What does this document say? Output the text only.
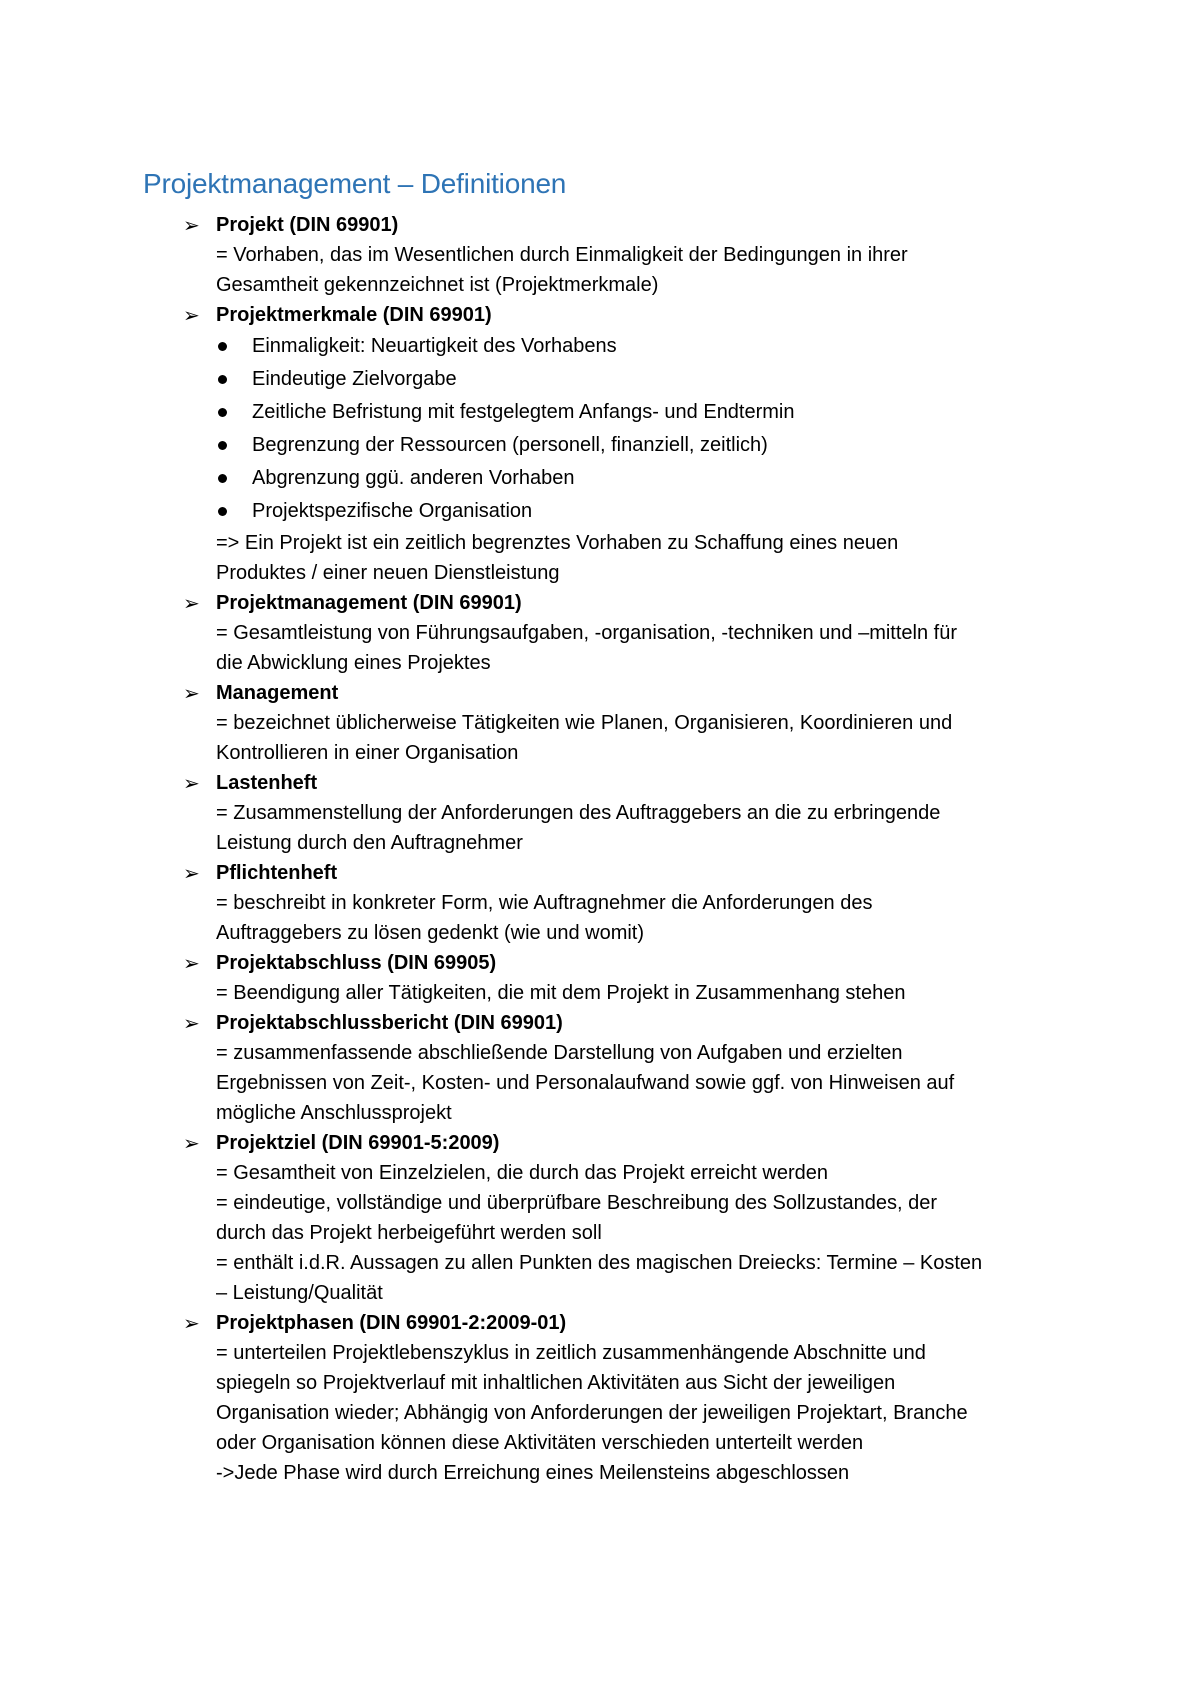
Projektmanagement – Definitionen
➢ Projekt (DIN 69901)
= Vorhaben, das im Wesentlichen durch Einmaligkeit der Bedingungen in ihrer
Gesamtheit gekennzeichnet ist (Projektmerkmale)
➢ Projektmerkmale (DIN 69901)
Einmaligkeit: Neuartigkeit des Vorhabens
Eindeutige Zielvorgabe
Zeitliche Befristung mit festgelegtem Anfangs- und Endtermin
Begrenzung der Ressourcen (personell, finanziell, zeitlich)
Abgrenzung ggü. anderen Vorhaben
Projektspezifische Organisation
=> Ein Projekt ist ein zeitlich begrenztes Vorhaben zu Schaffung eines neuen
Produktes / einer neuen Dienstleistung
➢ Projektmanagement (DIN 69901)
= Gesamtleistung von Führungsaufgaben, -organisation, -techniken und –mitteln für
die Abwicklung eines Projektes
➢ Management
= bezeichnet üblicherweise Tätigkeiten wie Planen, Organisieren, Koordinieren und
Kontrollieren in einer Organisation
➢ Lastenheft
= Zusammenstellung der Anforderungen des Auftraggebers an die zu erbringende
Leistung durch den Auftragnehmer
➢ Pflichtenheft
= beschreibt in konkreter Form, wie Auftragnehmer die Anforderungen des
Auftraggebers zu lösen gedenkt (wie und womit)
➢ Projektabschluss (DIN 69905)
= Beendigung aller Tätigkeiten, die mit dem Projekt in Zusammenhang stehen
➢ Projektabschlussbericht (DIN 69901)
= zusammenfassende abschließende Darstellung von Aufgaben und erzielten
Ergebnissen von Zeit-, Kosten- und Personalaufwand sowie ggf. von Hinweisen auf
mögliche Anschlussprojekt
➢ Projektziel (DIN 69901-5:2009)
= Gesamtheit von Einzelzielen, die durch das Projekt erreicht werden
= eindeutige, vollständige und überprüfbare Beschreibung des Sollzustandes, der
durch das Projekt herbeigeführt werden soll
= enthält i.d.R. Aussagen zu allen Punkten des magischen Dreiecks: Termine – Kosten
– Leistung/Qualität
➢ Projektphasen (DIN 69901-2:2009-01)
= unterteilen Projektlebenszyklus in zeitlich zusammenhängende Abschnitte und
spiegeln so Projektverlauf mit inhaltlichen Aktivitäten aus Sicht der jeweiligen
Organisation wieder; Abhängig von Anforderungen der jeweiligen Projektart, Branche
oder Organisation können diese Aktivitäten verschieden unterteilt werden
->Jede Phase wird durch Erreichung eines Meilensteins abgeschlossen
